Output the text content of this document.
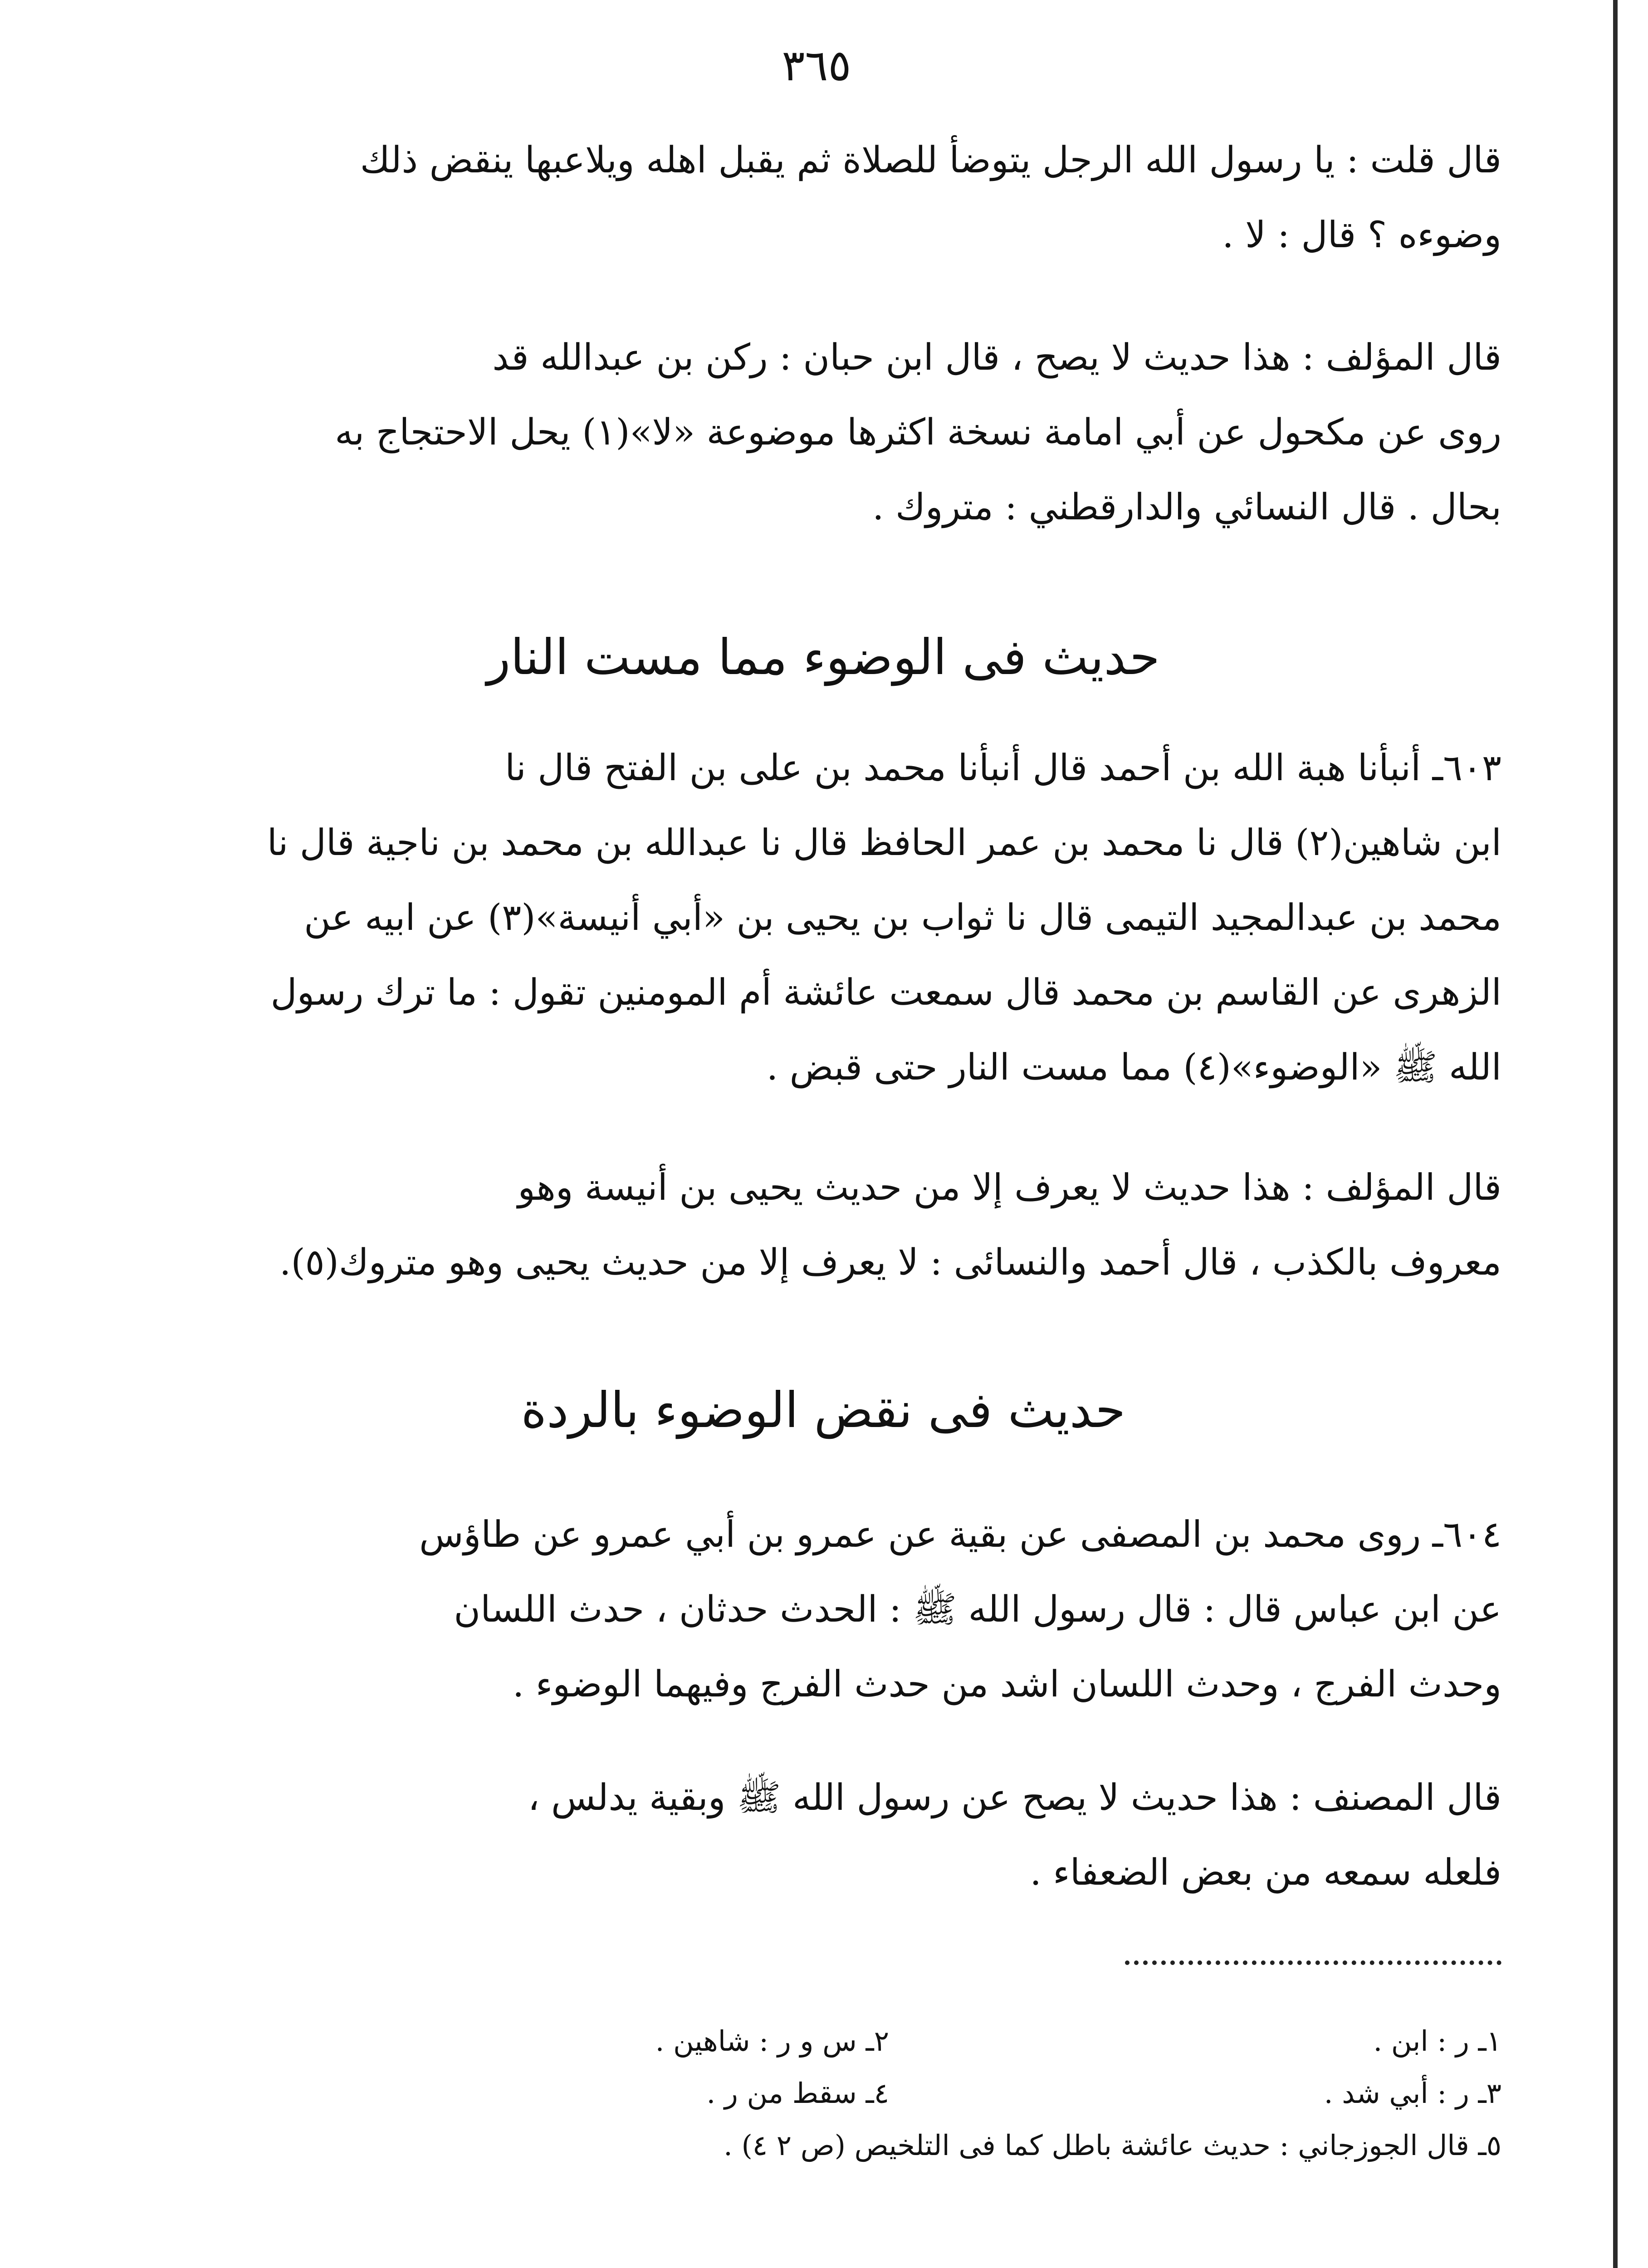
٣٦٥

قال قلت : يا رسول الله الرجل يتوضأ للصلاة ثم يقبل اهله ويلاعبها ينقض ذلك

وضوءه ؟ قال : لا .

قال المؤلف : هذا حديث لا يصح ، قال ابن حبان : ركن بن عبدالله قد

روى عن مكحول عن أبي امامة نسخة اكثرها موضوعة «لا»(١) يحل الاحتجاج به

بحال . قال النسائي والدارقطني : متروك .

حديث فى الوضوء مما مست النار

٦٠٣ـ أنبأنا هبة الله بن أحمد قال أنبأنا محمد بن على بن الفتح قال نا

ابن شاهين(٢) قال نا محمد بن عمر الحافظ قال نا عبدالله بن محمد بن ناجية قال نا

محمد بن عبدالمجيد التيمى قال نا ثواب بن يحيى بن «أبي أنيسة»(٣) عن ابيه عن

الزهرى عن القاسم بن محمد قال سمعت عائشة أم المومنين تقول : ما ترك رسول

الله ﷺ «الوضوء»(٤) مما مست النار حتى قبض .

قال المؤلف : هذا حديث لا يعرف إلا من حديث يحيى بن أنيسة وهو

معروف بالكذب ، قال أحمد والنسائى : لا يعرف إلا من حديث يحيى وهو متروك(٥).

حديث فى نقض الوضوء بالردة

٦٠٤ـ روى محمد بن المصفى عن بقية عن عمرو بن أبي عمرو عن طاؤس

عن ابن عباس قال : قال رسول الله ﷺ : الحدث حدثان ، حدث اللسان

وحدث الفرج ، وحدث اللسان اشد من حدث الفرج وفيهما الوضوء .

قال المصنف : هذا حديث لا يصح عن رسول الله ﷺ وبقية يدلس ،

فلعله سمعه من بعض الضعفاء .

١ـ ر : ابن .
٢ـ س و ر : شاهين .
٣ـ ر : أبي شد .
٤ـ سقط من ر .
٥ـ قال الجوزجاني : حديث عائشة باطل كما فى التلخيص (ص ٢ ٤) .
